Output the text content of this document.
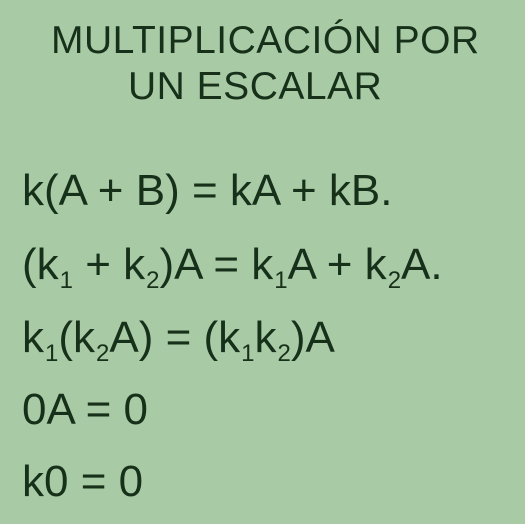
MULTIPLICACIÓN POR
UN ESCALAR
k(A + B) = kA + kB.
$(k_1 + k_2)A = k_1A + k_2A$.
$k_1(k_2A) = (k_1k_2)A$
0A = 0
k0 = 0
